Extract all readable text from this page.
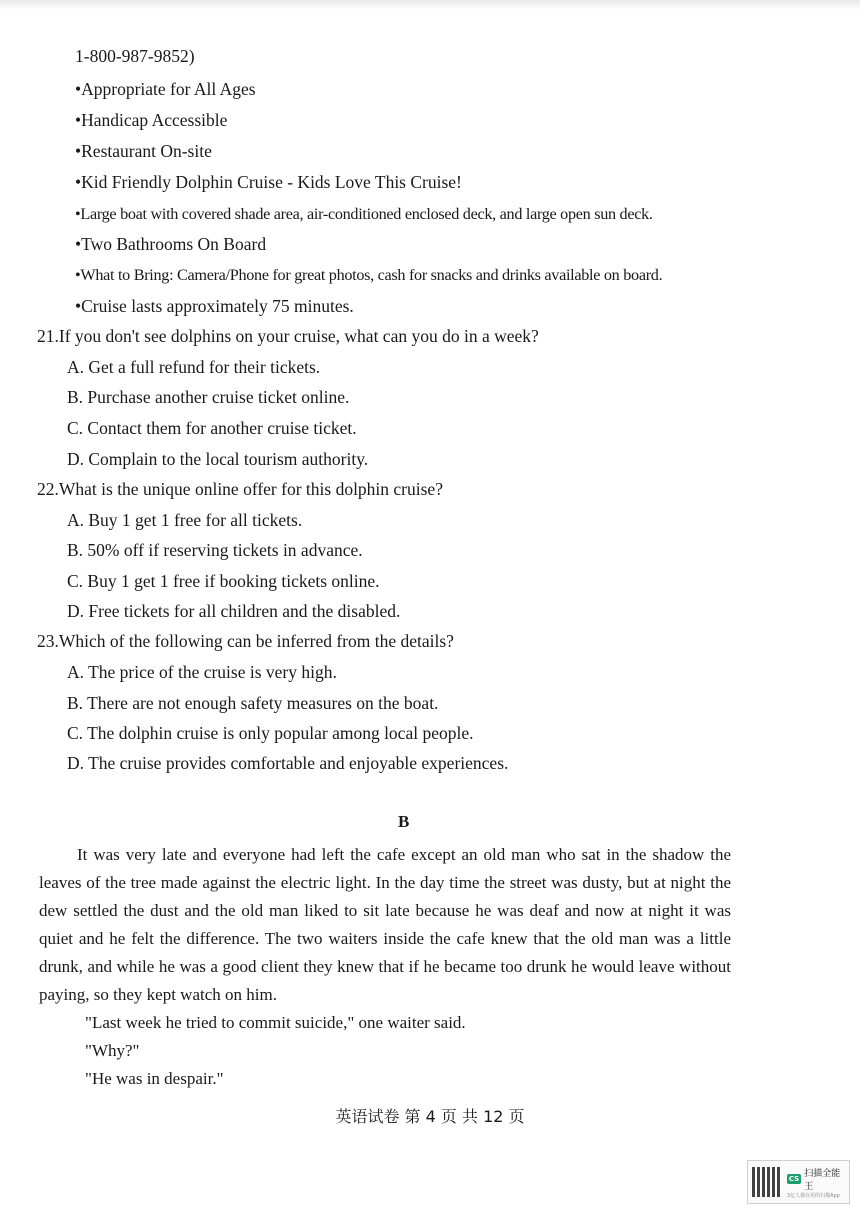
1-800-987-9852)
•Appropriate for All Ages
•Handicap Accessible
•Restaurant On-site
•Kid Friendly Dolphin Cruise - Kids Love This Cruise!
•Large boat with covered shade area, air-conditioned enclosed deck, and large open sun deck.
•Two Bathrooms On Board
•What to Bring: Camera/Phone for great photos, cash for snacks and drinks available on board.
•Cruise lasts approximately 75 minutes.
21.If you don't see dolphins on your cruise, what can you do in a week?
A. Get a full refund for their tickets.
B. Purchase another cruise ticket online.
C. Contact them for another cruise ticket.
D. Complain to the local tourism authority.
22.What is the unique online offer for this dolphin cruise?
A. Buy 1 get 1 free for all tickets.
B. 50% off if reserving tickets in advance.
C. Buy 1 get 1 free if booking tickets online.
D. Free tickets for all children and the disabled.
23.Which of the following can be inferred from the details?
A. The price of the cruise is very high.
B. There are not enough safety measures on the boat.
C. The dolphin cruise is only popular among local people.
D. The cruise provides comfortable and enjoyable experiences.
B

It was very late and everyone had left the cafe except an old man who sat in the shadow the leaves of the tree made against the electric light. In the day time the street was dusty, but at night the dew settled the dust and the old man liked to sit late because he was deaf and now at night it was quiet and he felt the difference. The two waiters inside the cafe knew that the old man was a little drunk, and while he was a good client they knew that if he became too drunk he would leave without paying, so they kept watch on him.

"Last week he tried to commit suicide," one waiter said.
"Why?"
"He was in despair."
英语试卷 第 4 页 共 12 页
CS 扫描全能王
3亿人都在用的扫描App
